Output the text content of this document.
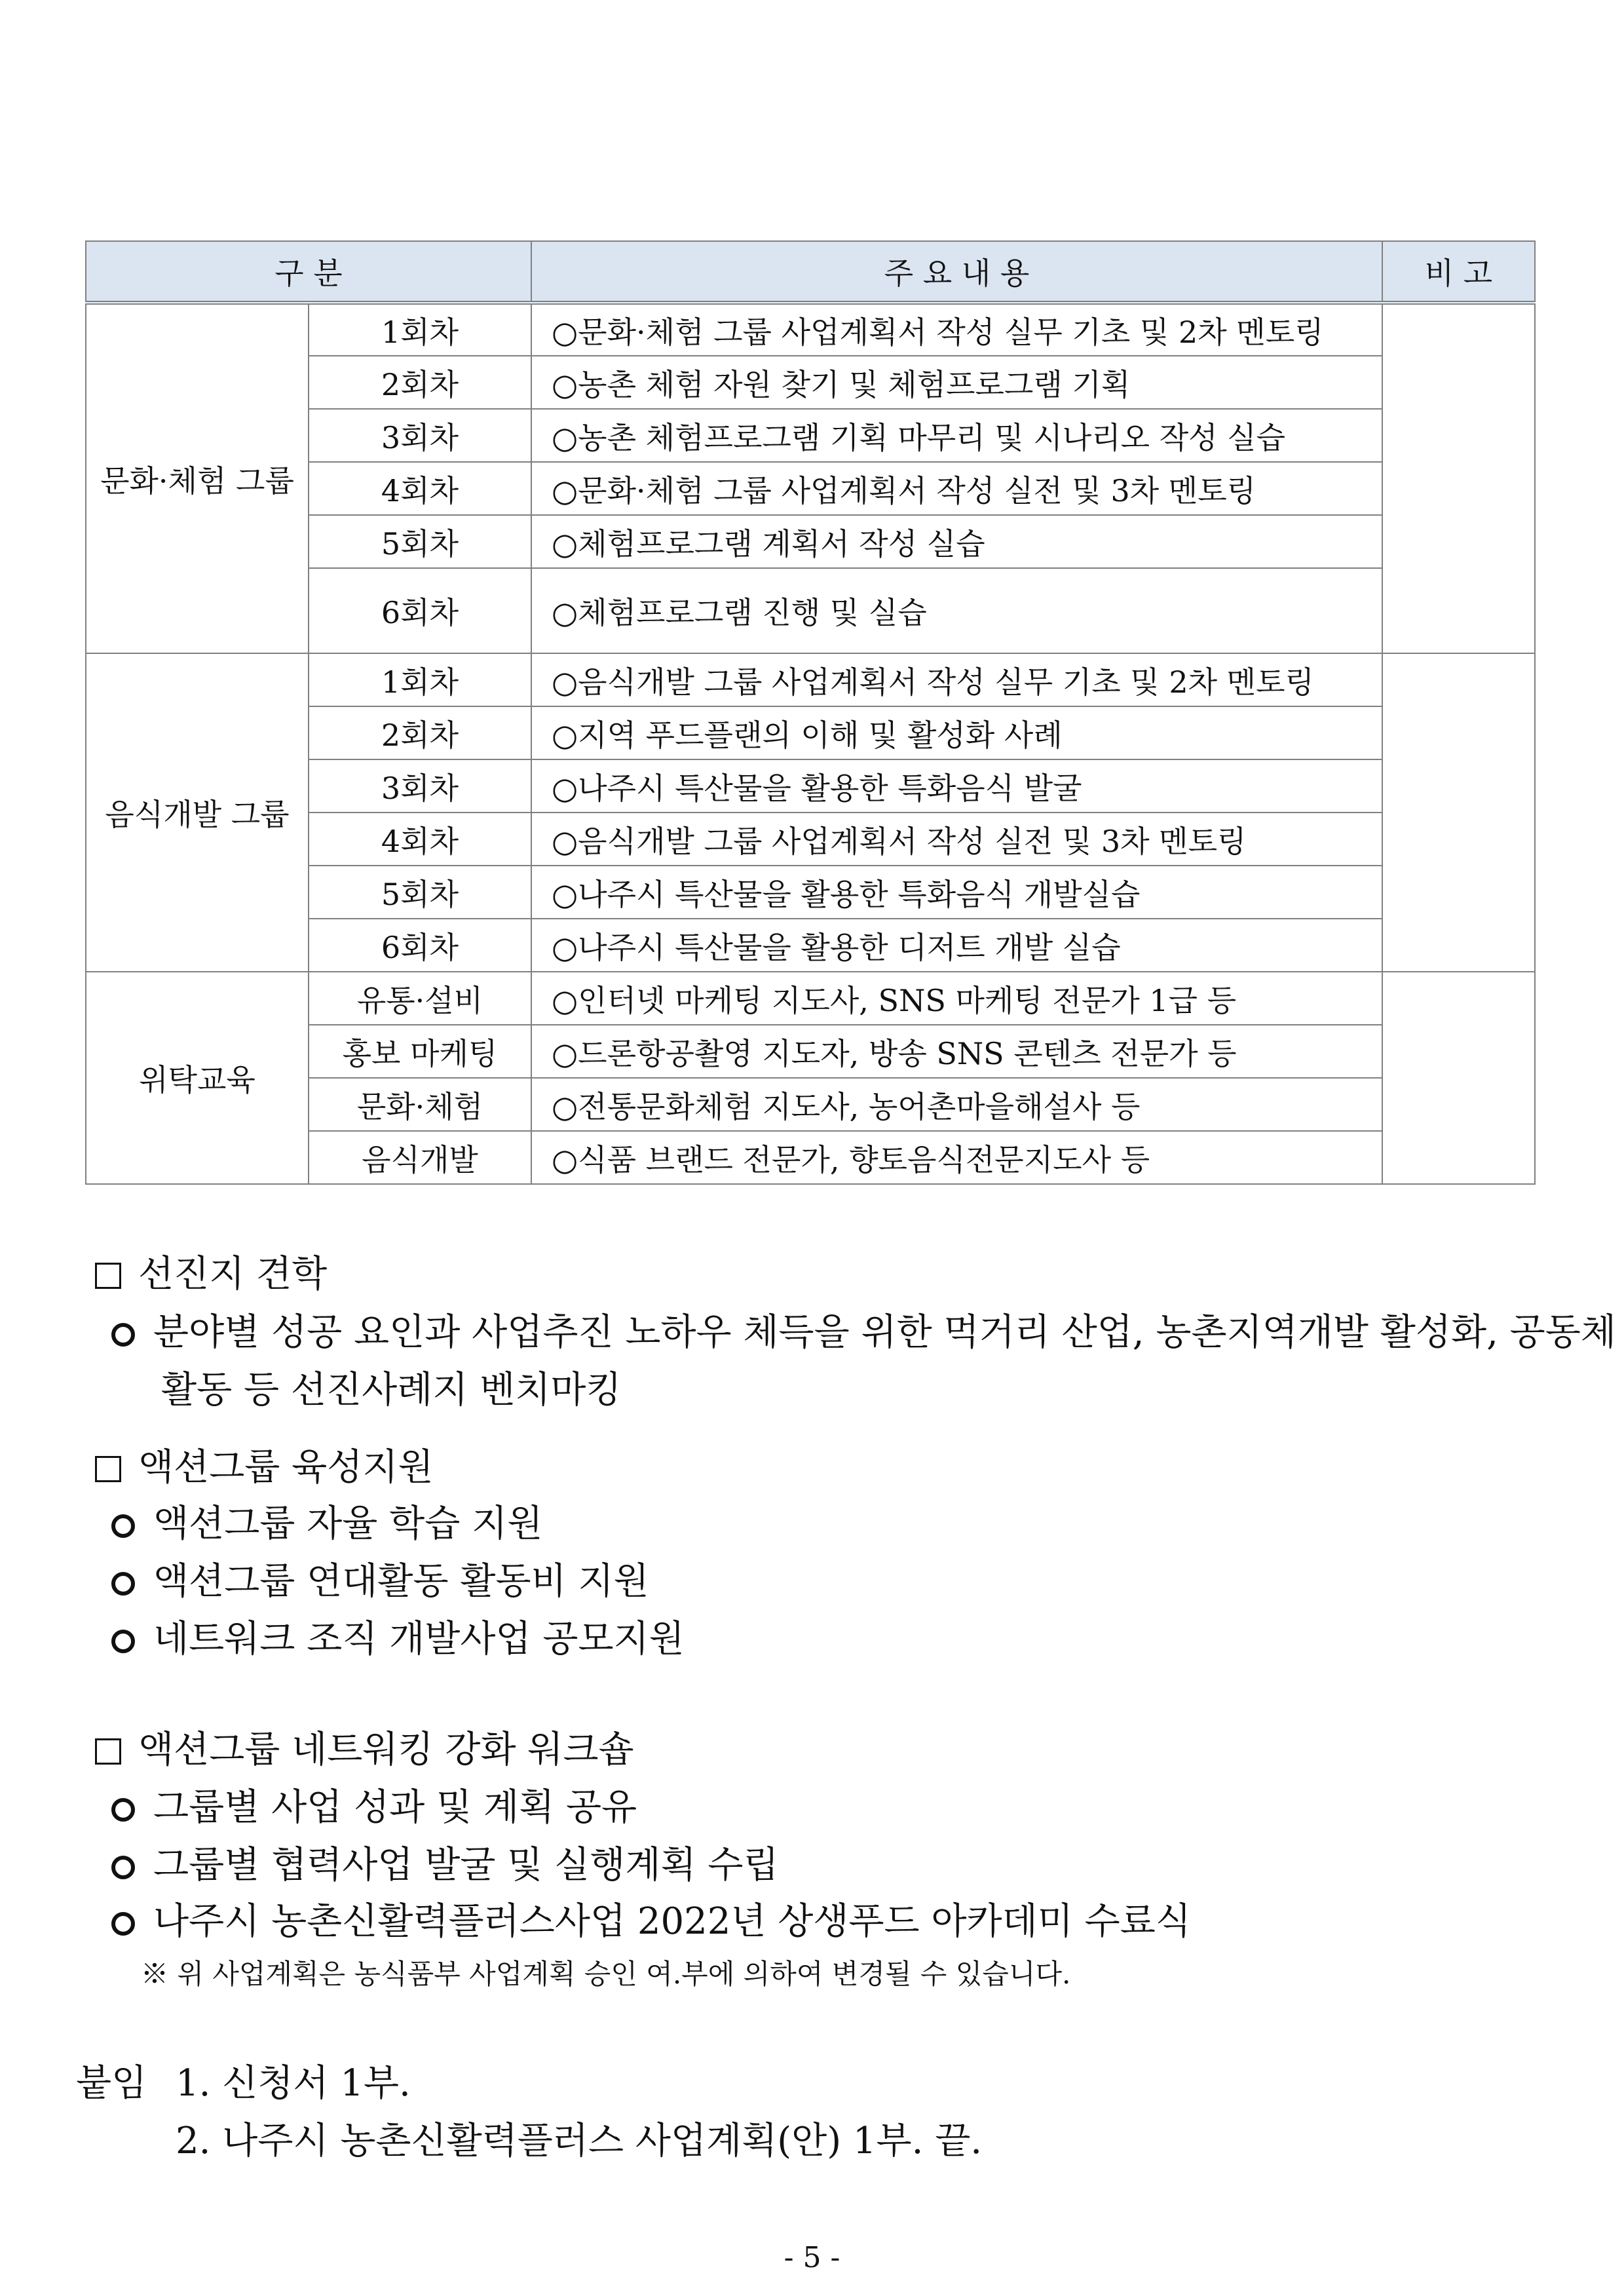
구 분		주 요 내 용	비 고
문화·체험 그룹	1회차	○문화·체험 그룹 사업계획서 작성 실무 기초 및 2차 멘토링	
	2회차	○농촌 체험 자원 찾기 및 체험프로그램 기획	
	3회차	○농촌 체험프로그램 기획 마무리 및 시나리오 작성 실습	
	4회차	○문화·체험 그룹 사업계획서 작성 실전 및 3차 멘토링	
	5회차	○체험프로그램 계획서 작성 실습	
	6회차	○체험프로그램 진행 및 실습	
음식개발 그룹	1회차	○음식개발 그룹 사업계획서 작성 실무 기초 및 2차 멘토링	
	2회차	○지역 푸드플랜의 이해 및 활성화 사례	
	3회차	○나주시 특산물을 활용한 특화음식 발굴	
	4회차	○음식개발 그룹 사업계획서 작성 실전 및 3차 멘토링	
	5회차	○나주시 특산물을 활용한 특화음식 개발실습	
	6회차	○나주시 특산물을 활용한 디저트 개발 실습	
위탁교육	유통·설비	○인터넷 마케팅 지도사, SNS 마케팅 전문가 1급 등	
	홍보 마케팅	○드론항공촬영 지도자, 방송 SNS 콘텐츠 전문가 등	
	문화·체험	○전통문화체험 지도사, 농어촌마을해설사 등	
	음식개발	○식품 브랜드 전문가, 향토음식전문지도사 등	
선진지 견학
분야별 성공 요인과 사업추진 노하우 체득을 위한 먹거리 산업, 농촌지역개발 활성화, 공동체
활동 등 선진사례지 벤치마킹
액션그룹 육성지원
액션그룹 자율 학습 지원
액션그룹 연대활동 활동비 지원
네트워크 조직 개발사업 공모지원
액션그룹 네트워킹 강화 워크숍
그룹별 사업 성과 및 계획 공유
그룹별 협력사업 발굴 및 실행계획 수립
나주시 농촌신활력플러스사업 2022년 상생푸드 아카데미 수료식
※ 위 사업계획은 농식품부 사업계획 승인 여.부에 의하여 변경될 수 있습니다.
붙임 1. 신청서 1부.
2. 나주시 농촌신활력플러스 사업계획(안) 1부. 끝.
- 5 -
